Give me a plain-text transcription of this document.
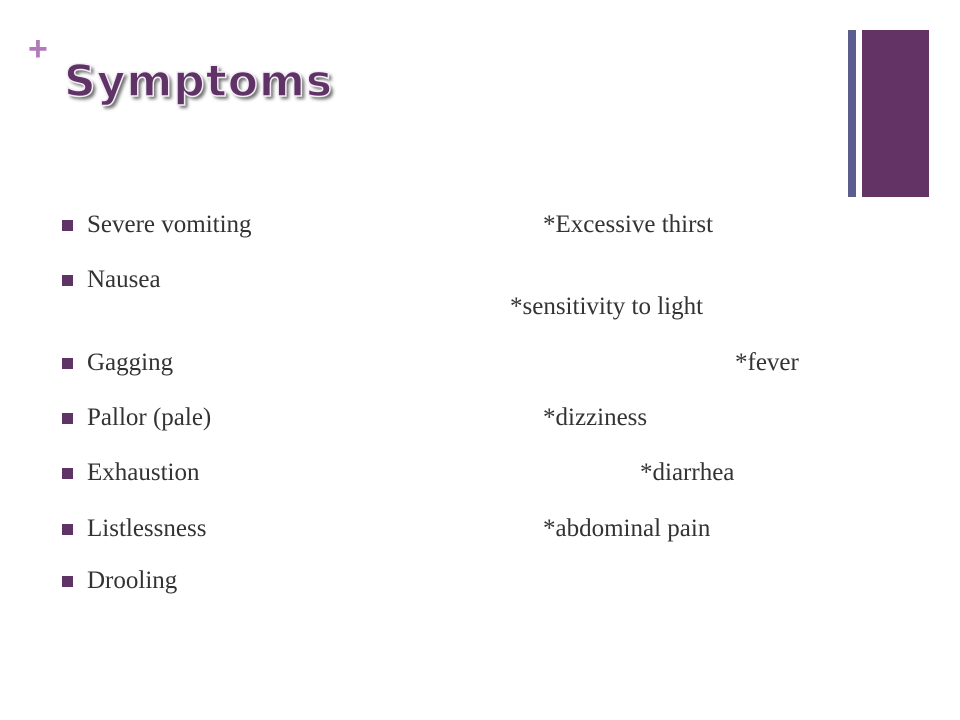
+
Symptoms
Severe vomiting
Nausea
Gagging
Pallor (pale)
Exhaustion
Listlessness
Drooling
*Excessive thirst
*sensitivity to light
*fever
*dizziness
*diarrhea
*abdominal pain
